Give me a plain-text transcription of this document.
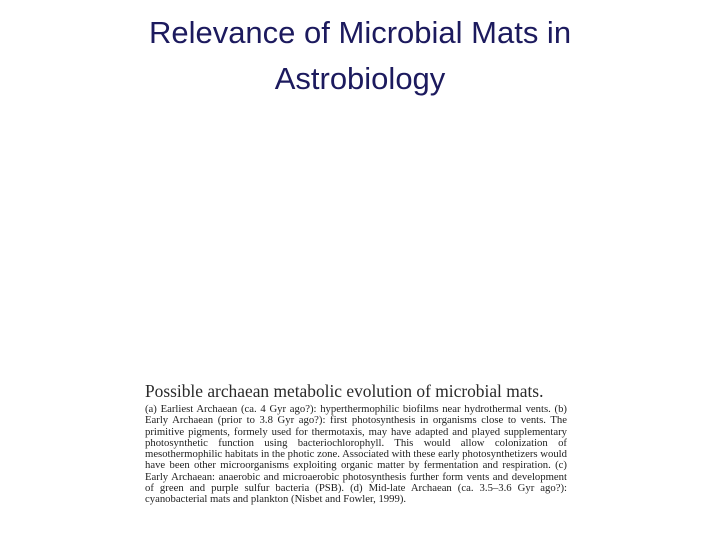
Relevance of Microbial Mats in
Astrobiology
Possible archaean metabolic evolution of microbial mats.

(a) Earliest Archaean (ca. 4 Gyr ago?): hyperthermophilic biofilms near hydrothermal vents. (b) Early Archaean (prior to 3.8 Gyr ago?): first photosynthesis in organisms close to vents. The primitive pigments, formely used for thermotaxis, may have adapted and played supplementary photosynthetic function using bacteriochlorophyll. This would allow colonization of mesothermophilic habitats in the photic zone. Associated with these early photosynthetizers would have been other microorganisms exploiting organic matter by fermentation and respiration. (c) Early Archaean: anaerobic and microaerobic photosynthesis further form vents and development of green and purple sulfur bacteria (PSB). (d) Mid-late Archaean (ca. 3.5–3.6 Gyr ago?): cyanobacterial mats and plankton (Nisbet and Fowler, 1999).
